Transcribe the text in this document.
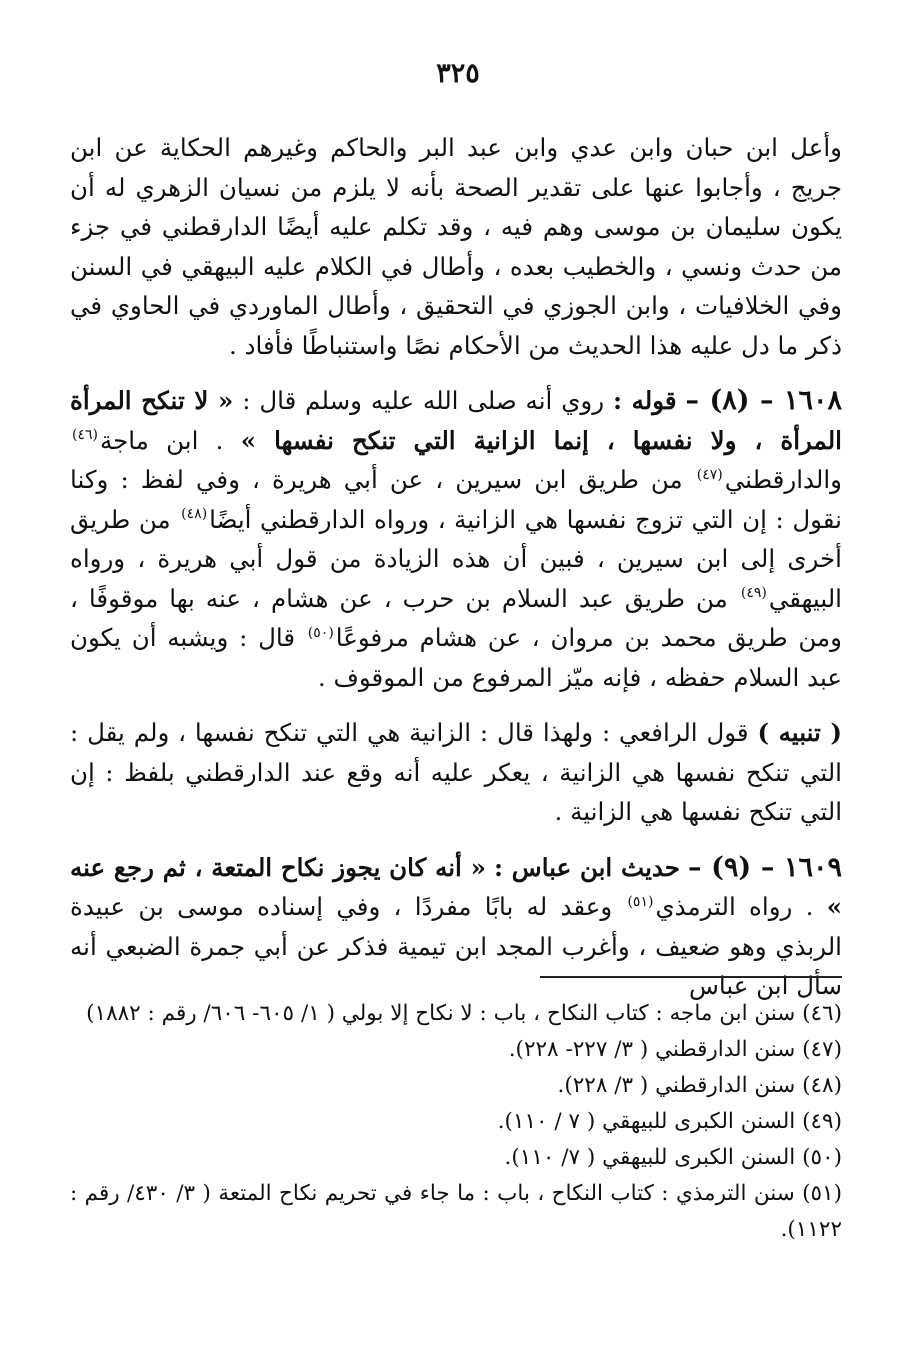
٣٢٥

وأعل ابن حبان وابن عدي وابن عبد البر والحاكم وغيرهم الحكاية عن ابن جريج ، وأجابوا عنها على تقدير الصحة بأنه لا يلزم من نسيان الزهري له أن يكون سليمان بن موسى وهم فيه ، وقد تكلم عليه أيضًا الدارقطني في جزء من حدث ونسي ، والخطيب بعده ، وأطال في الكلام عليه البيهقي في السنن وفي الخلافيات ، وابن الجوزي في التحقيق ، وأطال الماوردي في الحاوي في ذكر ما دل عليه هذا الحديث من الأحكام نصًا واستنباطًا فأفاد .

١٦٠٨ – (٨) – قوله : روي أنه صلى الله عليه وسلم قال : « لا تنكح المرأة المرأة ، ولا نفسها ، إنما الزانية التي تنكح نفسها » . ابن ماجة$^{(٤٦)}$ والدارقطني$^{(٤٧)}$ من طريق ابن سيرين ، عن أبي هريرة ، وفي لفظ : وكنا نقول : إن التي تزوج نفسها هي الزانية ، ورواه الدارقطني أيضًا$^{(٤٨)}$ من طريق أخرى إلى ابن سيرين ، فبين أن هذه الزيادة من قول أبي هريرة ، ورواه البيهقي$^{(٤٩)}$ من طريق عبد السلام بن حرب ، عن هشام ، عنه بها موقوفًا ، ومن طريق محمد بن مروان ، عن هشام مرفوعًا$^{(٥٠)}$ قال : ويشبه أن يكون عبد السلام حفظه ، فإنه ميّز المرفوع من الموقوف .

( تنبيه ) قول الرافعي : ولهذا قال : الزانية هي التي تنكح نفسها ، ولم يقل : التي تنكح نفسها هي الزانية ، يعكر عليه أنه وقع عند الدارقطني بلفظ : إن التي تنكح نفسها هي الزانية .

١٦٠٩ – (٩) – حديث ابن عباس : « أنه كان يجوز نكاح المتعة ، ثم رجع عنه » . رواه الترمذي$^{(٥١)}$ وعقد له بابًا مفردًا ، وفي إسناده موسى بن عبيدة الربذي وهو ضعيف ، وأغرب المجد ابن تيمية فذكر عن أبي جمرة الضبعي أنه سأل ابن عباس

(٤٦) سنن ابن ماجه : كتاب النكاح ، باب : لا نكاح إلا بولي ( ١/ ٦٠٥- ٦٠٦/ رقم : ١٨٨٢)

(٤٧) سنن الدارقطني ( ٣/ ٢٢٧- ٢٢٨).

(٤٨) سنن الدارقطني ( ٣/ ٢٢٨).

(٤٩) السنن الكبرى للبيهقي ( ٧ / ١١٠).

(٥٠) السنن الكبرى للبيهقي ( ٧/ ١١٠).

(٥١) سنن الترمذي : كتاب النكاح ، باب : ما جاء في تحريم نكاح المتعة ( ٣/ ٤٣٠/ رقم : ١١٢٢).
